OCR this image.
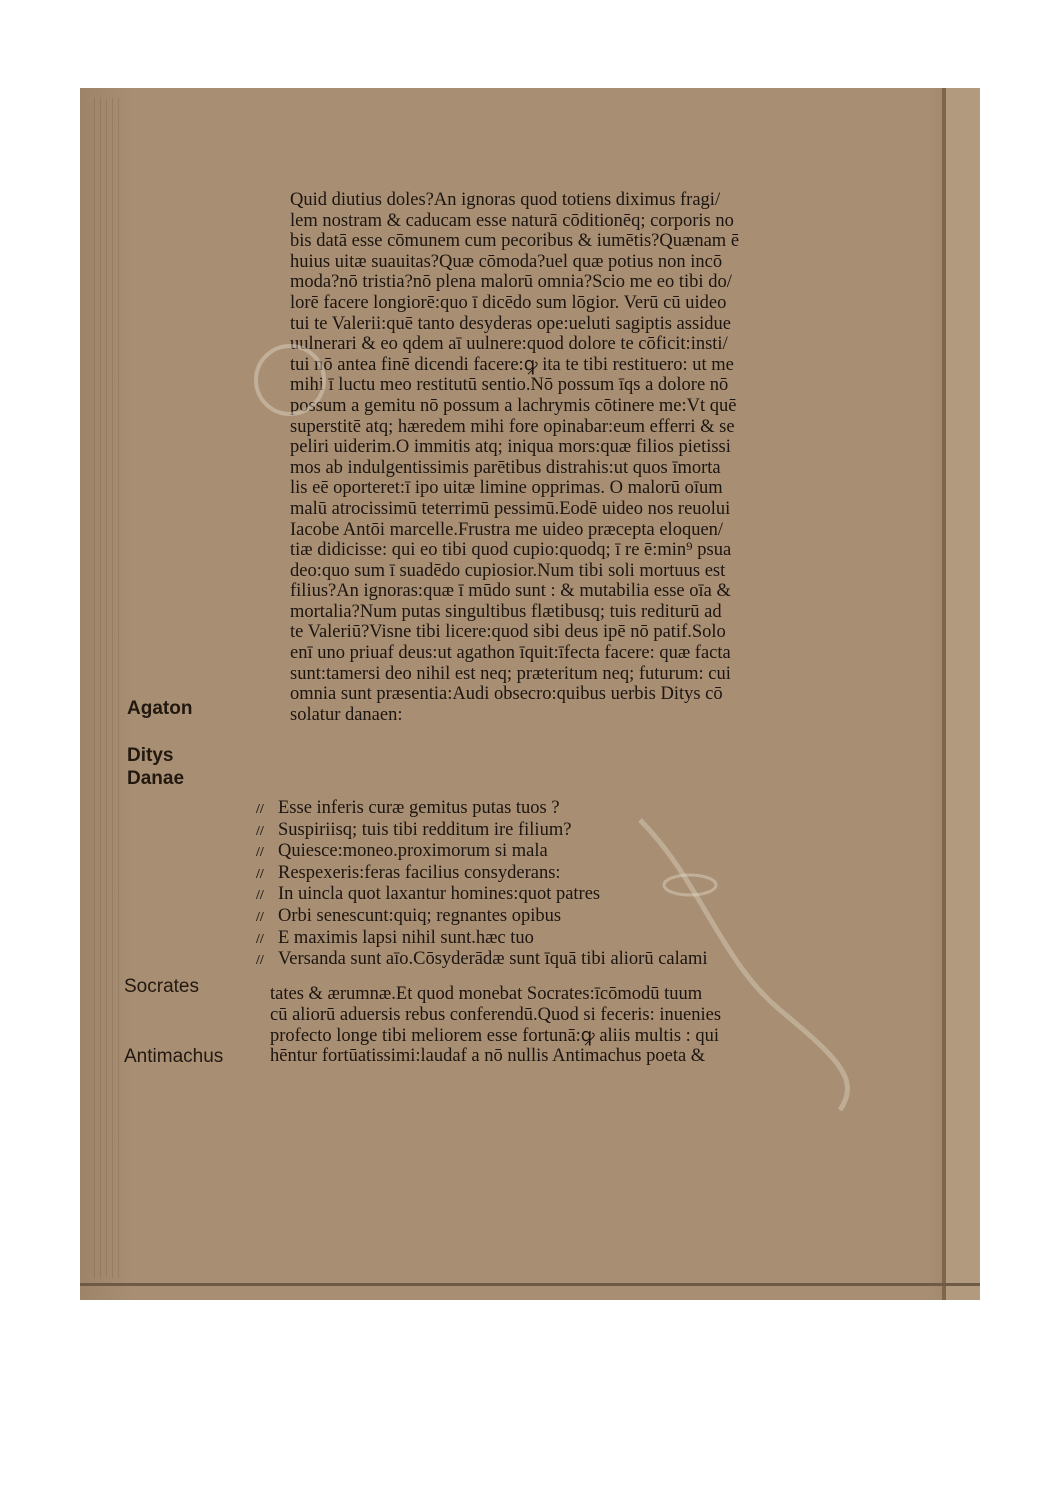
Quid diutius doles?An ignoras quod totiens diximus fragi/
lem nostram & caducam esse naturā cōditionēq; corporis no
bis datā esse cōmunem cum pecoribus & iumētis?Quænam ē
huius uitæ suauitas?Quæ cōmoda?uel quæ potius non incō
moda?nō tristia?nō plena malorū omnia?Scio me eo tibi do/
lorē facere longiorē:quo ī dicēdo sum lōgior. Verū cū uideo
tui te Valerii:quē tanto desyderas ope:ueluti sagiptis assidue
uulnerari & eo qdem aī uulnere:quod dolore te cōficit:insti/
tui nō antea finē dicendi facere:ꝙ ita te tibi restituero: ut me
mihi ī luctu meo restitutū sentio.Nō possum īqs a dolore nō
possum a gemitu nō possum a lachrymis cōtinere me:Vt quē
superstitē atq; hæredem mihi fore opinabar:eum efferri & se
peliri uiderim.O immitis atq; iniqua mors:quæ filios pietissi
mos ab indulgentissimis parētibus distrahis:ut quos īmorta
lis eē oporteret:ī ipo uitæ limine opprimas. O malorū oīum
malū atrocissimū teterrimū pessimū.Eodē uideo nos reuolui
Iacobe Antōi marcelle.Frustra me uideo præcepta eloquen/
tiæ didicisse: qui eo tibi quod cupio:quodq; ī re ē:min⁹ psua
deo:quo sum ī suadēdo cupiosior.Num tibi soli mortuus est
filius?An ignoras:quæ ī mūdo sunt : & mutabilia esse oīa &
mortalia?Num putas singultibus flætibusq; tuis rediturū ad
te Valeriū?Visne tibi licere:quod sibi deus ipē nō patif.Solo
enī uno priuaf deus:ut agathon īquit:īfecta facere: quæ facta
sunt:tamersi deo nihil est neq; præteritum neq; futurum: cui
omnia sunt præsentia:Audi obsecro:quibus uerbis Ditys cō
solatur danaen:
// Esse inferis curæ gemitus putas tuos ?
// Suspiriisq; tuis tibi redditum ire filium?
// Quiesce:moneo.proximorum si mala
// Respexeris:feras facilius consyderans:
// In uincla quot laxantur homines:quot patres
// Orbi senescunt:quiq; regnantes opibus
// E maximis lapsi nihil sunt.hæc tuo
// Versanda sunt aīo.Cōsyderādæ sunt īquā tibi aliorū calami
tates & ærumnæ.Et quod monebat Socrates:īcōmodū tuum
cū aliorū aduersis rebus conferendū.Quod si feceris: inuenies
profecto longe tibi meliorem esse fortunā:ꝙ aliis multis : qui
hēntur fortūatissimi:laudaf a nō nullis Antimachus poeta &
Agaton
Ditys
Danae
Socrates
Antimachus
